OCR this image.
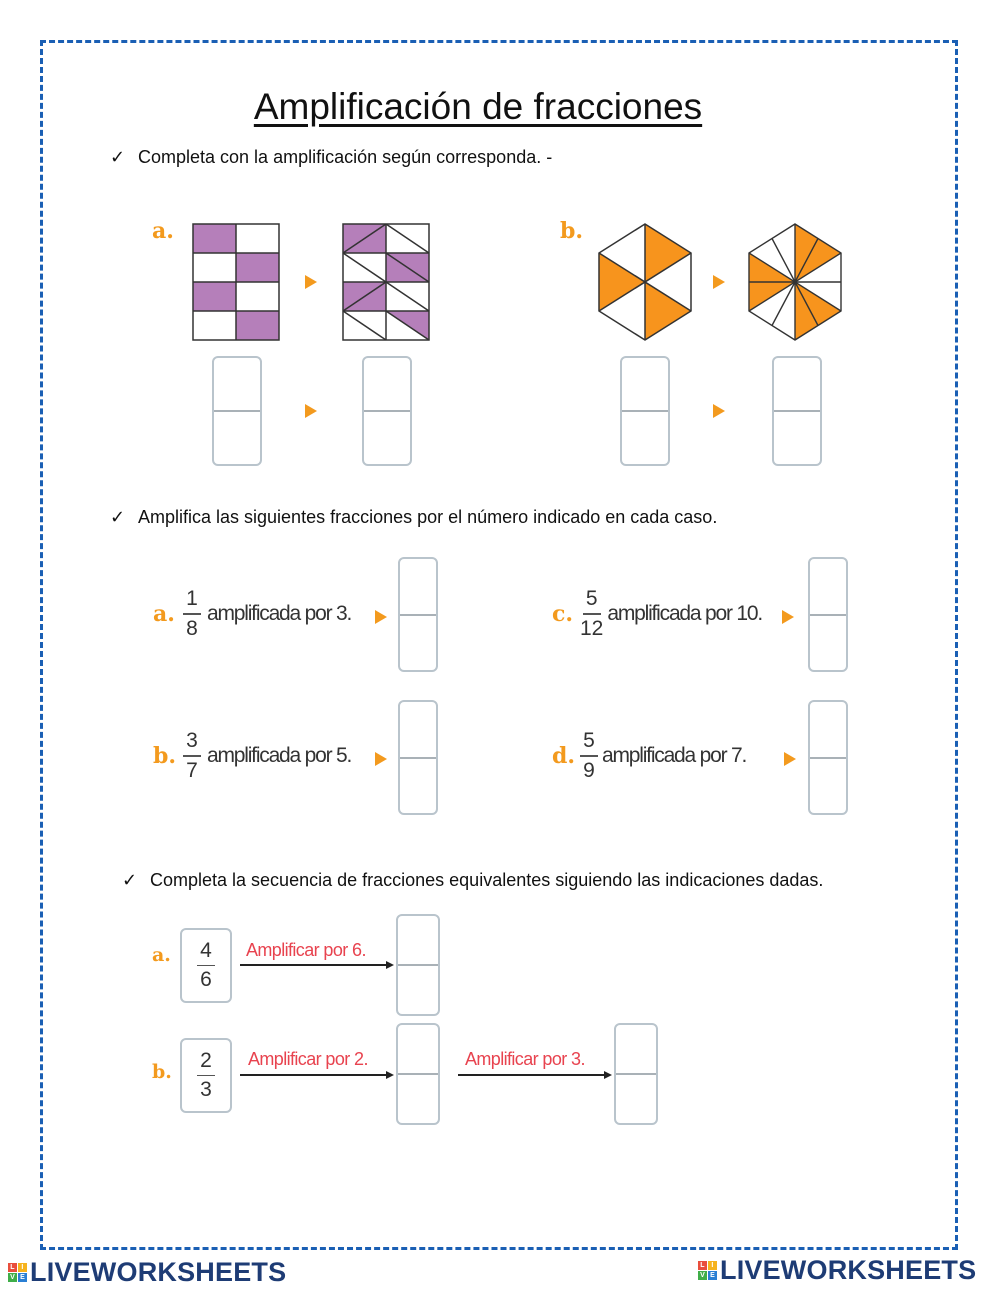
Amplificación de fracciones
✓ Completa con la amplificación según corresponda. -
a.	b.
✓ Amplifica las siguientes fracciones por el número indicado en cada caso.
a. $\frac{1}{8}$ amplificada por 3.	c. $\frac{5}{12}$ amplificada por 10.
b. $\frac{3}{7}$ amplificada por 5.	d. $\frac{5}{9}$ amplificada por 7.
✓ Completa la secuencia de fracciones equivalentes siguiendo las indicaciones dadas.
a. $\frac{4}{6}$ Amplificar por 6.
b. $\frac{2}{3}$ Amplificar por 2.	Amplificar por 3.
L I
V E LIVEWORKSHEETS	L I
V E LIVEWORKSHEETS
